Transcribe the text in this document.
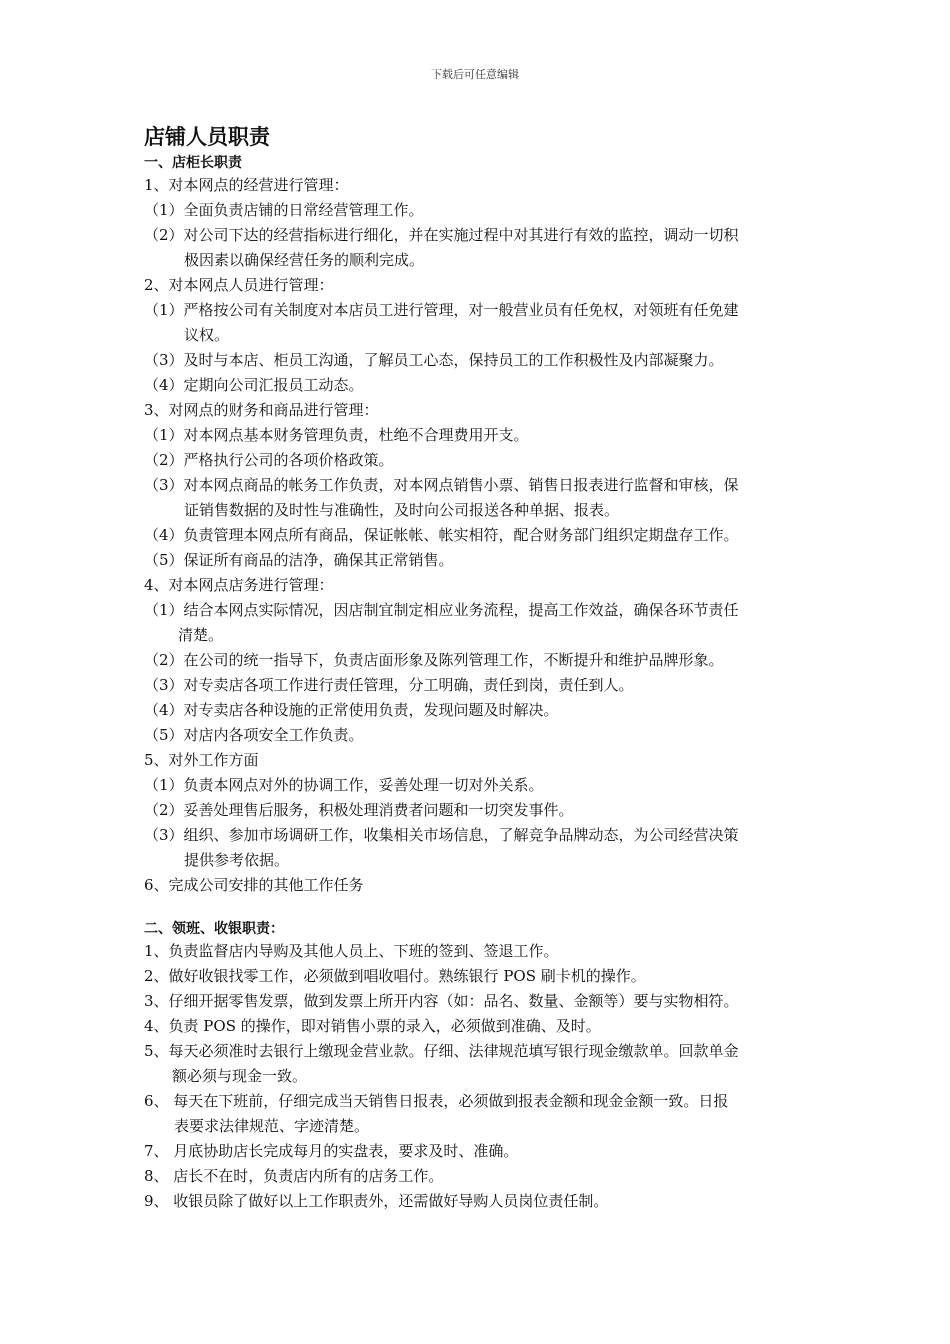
下载后可任意编辑
店铺人员职责
一、店柜长职责

1、对本网点的经营进行管理：

（1）全面负责店铺的日常经营管理工作。

（2）对公司下达的经营指标进行细化，并在实施过程中对其进行有效的监控，调动一切积
极因素以确保经营任务的顺利完成。

2、对本网点人员进行管理：

（1）严格按公司有关制度对本店员工进行管理，对一般营业员有任免权，对领班有任免建
议权。

（3）及时与本店、柜员工沟通，了解员工心态，保持员工的工作积极性及内部凝聚力。

（4）定期向公司汇报员工动态。

3、对网点的财务和商品进行管理：

（1）对本网点基本财务管理负责，杜绝不合理费用开支。

（2）严格执行公司的各项价格政策。

（3）对本网点商品的帐务工作负责，对本网点销售小票、销售日报表进行监督和审核，保
证销售数据的及时性与准确性，及时向公司报送各种单据、报表。

（4）负责管理本网点所有商品，保证帐帐、帐实相符，配合财务部门组织定期盘存工作。

（5）保证所有商品的洁净，确保其正常销售。

4、对本网点店务进行管理：

（1）结合本网点实际情况，因店制宜制定相应业务流程，提高工作效益，确保各环节责任
清楚。

（2）在公司的统一指导下，负责店面形象及陈列管理工作，不断提升和维护品牌形象。

（3）对专卖店各项工作进行责任管理，分工明确，责任到岗，责任到人。

（4）对专卖店各种设施的正常使用负责，发现问题及时解决。

（5）对店内各项安全工作负责。

5、对外工作方面

（1）负责本网点对外的协调工作，妥善处理一切对外关系。

（2）妥善处理售后服务，积极处理消费者问题和一切突发事件。

（3）组织、参加市场调研工作，收集相关市场信息，了解竞争品牌动态，为公司经营决策
提供参考依据。

6、完成公司安排的其他工作任务

二、领班、收银职责：

1、负责监督店内导购及其他人员上、下班的签到、签退工作。

2、做好收银找零工作，必须做到唱收唱付。熟练银行 POS 刷卡机的操作。

3、仔细开据零售发票，做到发票上所开内容（如：品名、数量、金额等）要与实物相符。

4、负责 POS 的操作，即对销售小票的录入，必须做到准确、及时。

5、每天必须准时去银行上缴现金营业款。仔细、法律规范填写银行现金缴款单。回款单金
额必须与现金一致。

6、 每天在下班前，仔细完成当天销售日报表，必须做到报表金额和现金金额一致。日报
表要求法律规范、字迹清楚。

7、 月底协助店长完成每月的实盘表，要求及时、准确。

8、 店长不在时，负责店内所有的店务工作。

9、 收银员除了做好以上工作职责外，还需做好导购人员岗位责任制。
